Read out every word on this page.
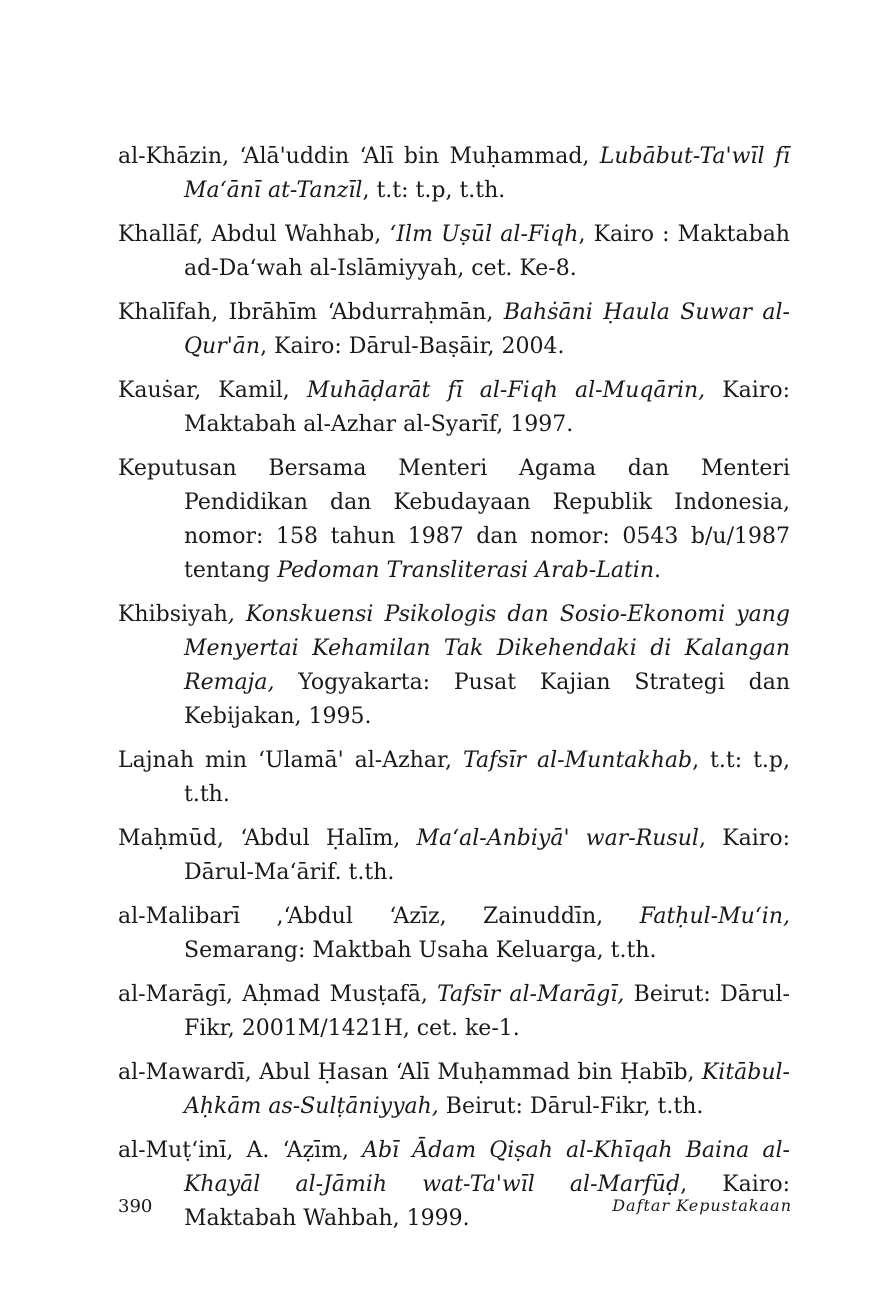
al-Khāzin, ‘Alā'uddin ‘Alī bin Muḥammad, Lubābut-Ta'wīl fī Ma‘ānī at-Tanzīl, t.t: t.p, t.th.

Khallāf, Abdul Wahhab, ‘Ilm Uṣūl al-Fiqh, Kairo : Maktabah ad-Da‘wah al-Islāmiyyah, cet. Ke-8.

Khalīfah, Ibrāhīm ‘Abdurraḥmān, Bahṡāni Ḥaula Suwar al-Qur'ān, Kairo: Dārul-Baṣāir, 2004.

Kauṡar, Kamil, Muhāḍarāt fī al-Fiqh al-Muqārin, Kairo: Maktabah al-Azhar al-Syarīf, 1997.

Keputusan Bersama Menteri Agama dan Menteri Pendidikan dan Kebudayaan Republik Indonesia, nomor: 158 tahun 1987 dan nomor: 0543 b/u/1987 tentang Pedoman Transliterasi Arab-Latin.

Khibsiyah, Konskuensi Psikologis dan Sosio-Ekonomi yang Menyertai Kehamilan Tak Dikehendaki di Kalangan Remaja, Yogyakarta: Pusat Kajian Strategi dan Kebijakan, 1995.

Lajnah min ‘Ulamā' al-Azhar, Tafsīr al-Muntakhab, t.t: t.p, t.th.

Maḥmūd, ‘Abdul Ḥalīm, Ma‘al-Anbiyā' war-Rusul, Kairo: Dārul-Ma‘ārif. t.th.

al-Malibarī ,‘Abdul ‘Azīz, Zainuddīn, Fatḥul-Mu‘in, Semarang: Maktbah Usaha Keluarga, t.th.

al-Marāgī, Aḥmad Musṭafā, Tafsīr al-Marāgī, Beirut: Dārul-Fikr, 2001M/1421H, cet. ke-1.

al-Mawardī, Abul Ḥasan ‘Alī Muḥammad bin Ḥabīb, Kitābul-Aḥkām as-Sulṭāniyyah, Beirut: Dārul-Fikr, t.th.

al-Muṭ‘inī, A. ‘Aẓīm, Abī Ādam Qiṣah al-Khīqah Baina al-Khayāl al-Jāmih wat-Ta'wīl al-Marfūḍ, Kairo: Maktabah Wahbah, 1999.

390	Daftar Kepustakaan
